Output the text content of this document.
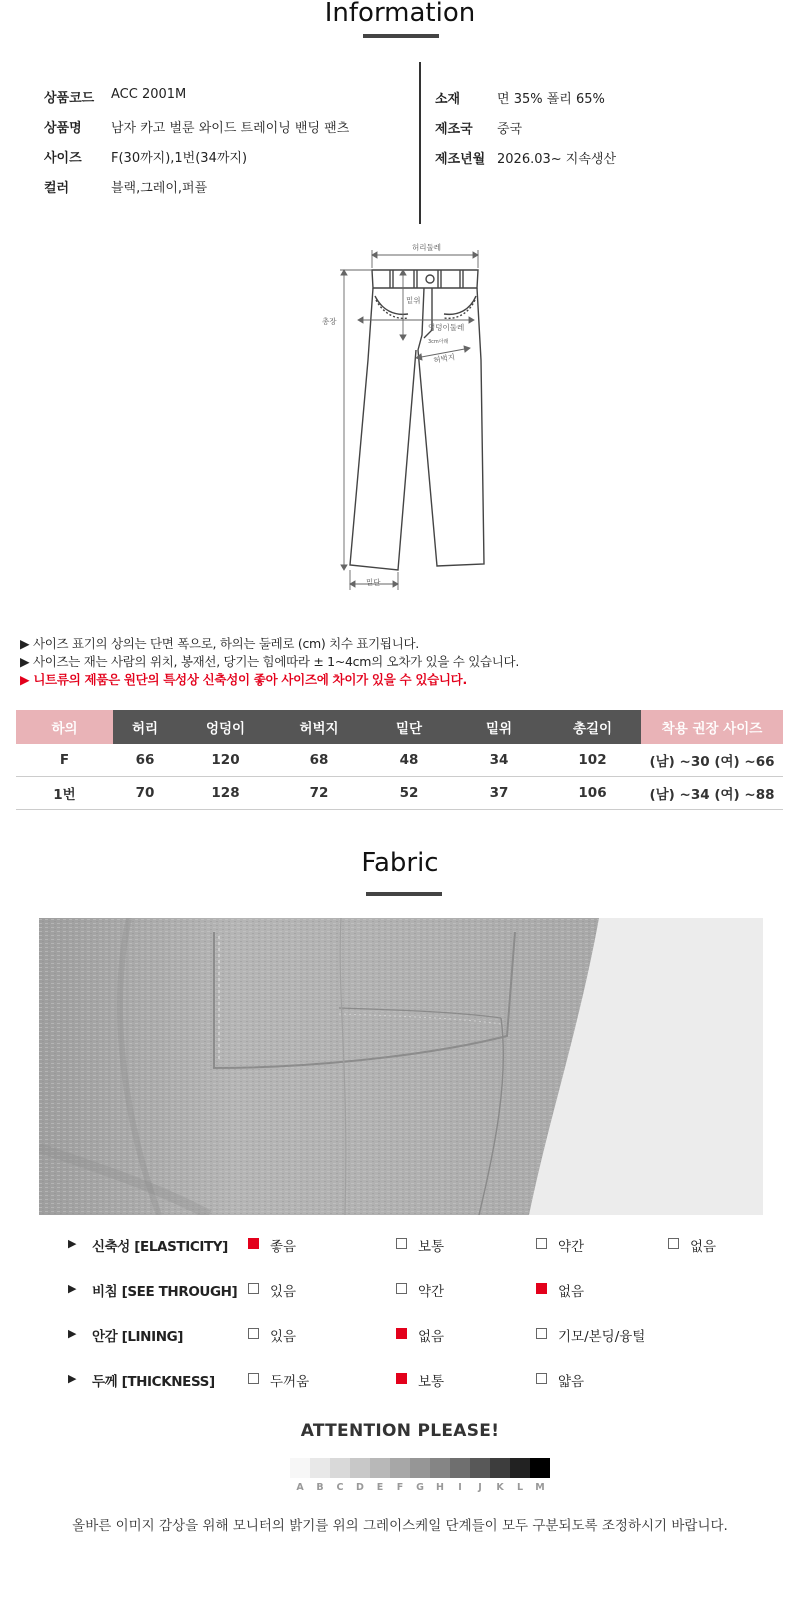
Information
상품코드 ACC 2001M
상품명 남자 카고 벌룬 와이드 트레이닝 밴딩 팬츠
사이즈 F(30까지),1번(34까지)
컬러	블랙,그레이,퍼플
소재	면 35% 폴리 65%
제조국 중국
제조년월 2026.03~ 지속생산
허리둘레
밑위
엉덩이둘레
3cm아래
허벅지
총장
밑단
▶ 사이즈 표기의 상의는 단면 폭으로, 하의는 둘레로 (cm) 치수 표기됩니다.
▶ 사이즈는 재는 사람의 위치, 봉재선, 당기는 힘에따라 ± 1~4cm의 오차가 있을 수 있습니다.
▶ 니트류의 제품은 원단의 특성상 신축성이 좋아 사이즈에 차이가 있을 수 있습니다.
하의	허리	엉덩이	허벅지	밑단	밑위	총길이	착용 권장 사이즈
F	66	120	68	48	34	102	(남) ~30 (여) ~66
1번	70	128	72	52	37	106	(남) ~34 (여) ~88
Fabric
▶ 신축성 [ELASTICITY]	좋음	보통	약간	없음
▶ 비침 [SEE THROUGH] 있음	약간	없음
▶ 안감 [LINING]	있음	없음	기모/본딩/융털
▶ 두께 [THICKNESS]	두꺼움	보통	얇음
ATTENTION PLEASE!
A	B	C	D	E	F	G	H	I	J	K	L	M
올바른 이미지 감상을 위해 모니터의 밝기를 위의 그레이스케일 단계들이 모두 구분되도록 조정하시기 바랍니다.
